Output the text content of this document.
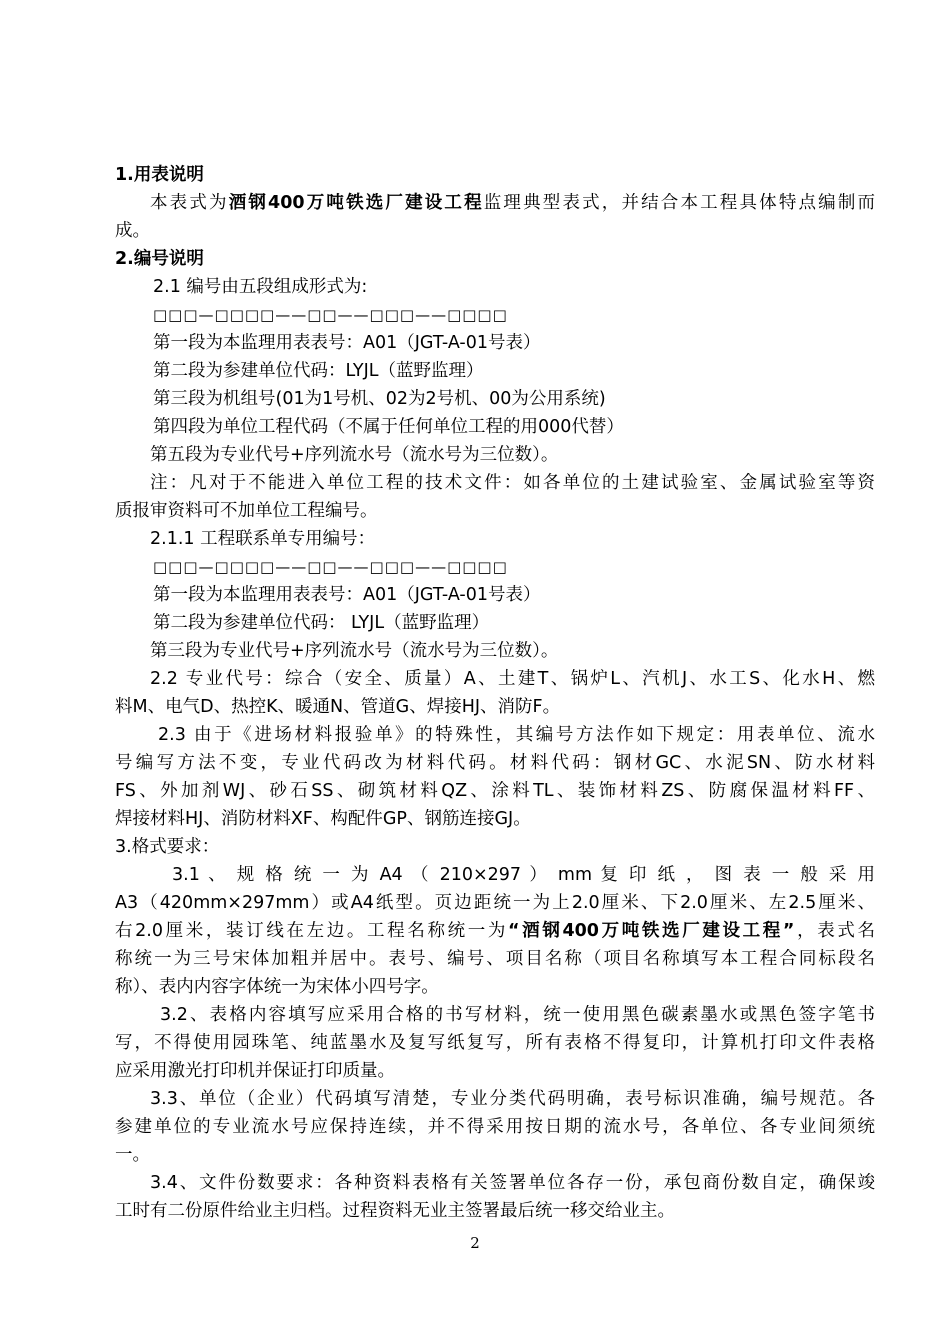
1.用表说明
本表式为酒钢400万吨铁选厂建设工程监理典型表式，并结合本工程具体特点编制而
成。
2.编号说明
2.1 编号由五段组成形式为:
□□□—□□□□——□□——□□□——□□□□
第一段为本监理用表表号：A01（JGT-A-01号表）
第二段为参建单位代码：LYJL（蓝野监理）
第三段为机组号(01为1号机、02为2号机、00为公用系统)
第四段为单位工程代码（不属于任何单位工程的用000代替）
第五段为专业代号+序列流水号（流水号为三位数）。
注：凡对于不能进入单位工程的技术文件：如各单位的土建试验室、金属试验室等资
质报审资料可不加单位工程编号。
2.1.1 工程联系单专用编号：
□□□—□□□□——□□——□□□——□□□□
第一段为本监理用表表号：A01（JGT-A-01号表）
第二段为参建单位代码： LYJL（蓝野监理）
第三段为专业代号+序列流水号（流水号为三位数）。
2.2 专业代号：综合（安全、质量）A、土建T、锅炉L、汽机J、水工S、化水H、燃
料M、电气D、热控K、暖通N、管道G、焊接HJ、消防F。
2.3 由于《进场材料报验单》的特殊性，其编号方法作如下规定：用表单位、流水
号编写方法不变，专业代码改为材料代码。材料代码：钢材GC、水泥SN、防水材料
FS、外加剂WJ、砂石SS、砌筑材料QZ、涂料TL、装饰材料ZS、防腐保温材料FF、
焊接材料HJ、消防材料XF、构配件GP、钢筋连接GJ。
3.格式要求：
3.1 、 规 格 统 一 为 A4 （ 210×297 ） mm 复 印 纸 ， 图 表 一 般 采 用
A3（420mm×297mm）或A4纸型。页边距统一为上2.0厘米、下2.0厘米、左2.5厘米、
右2.0厘米，装订线在左边。工程名称统一为“酒钢400万吨铁选厂建设工程”，表式名
称统一为三号宋体加粗并居中。表号、编号、项目名称（项目名称填写本工程合同标段名
称）、表内内容字体统一为宋体小四号字。
3.2、表格内容填写应采用合格的书写材料，统一使用黑色碳素墨水或黑色签字笔书
写，不得使用园珠笔、纯蓝墨水及复写纸复写，所有表格不得复印，计算机打印文件表格
应采用激光打印机并保证打印质量。
3.3、单位（企业）代码填写清楚，专业分类代码明确，表号标识准确，编号规范。各
参建单位的专业流水号应保持连续，并不得采用按日期的流水号，各单位、各专业间须统
一。
3.4、文件份数要求：各种资料表格有关签署单位各存一份，承包商份数自定，确保竣
工时有二份原件给业主归档。过程资料无业主签署最后统一移交给业主。
2
